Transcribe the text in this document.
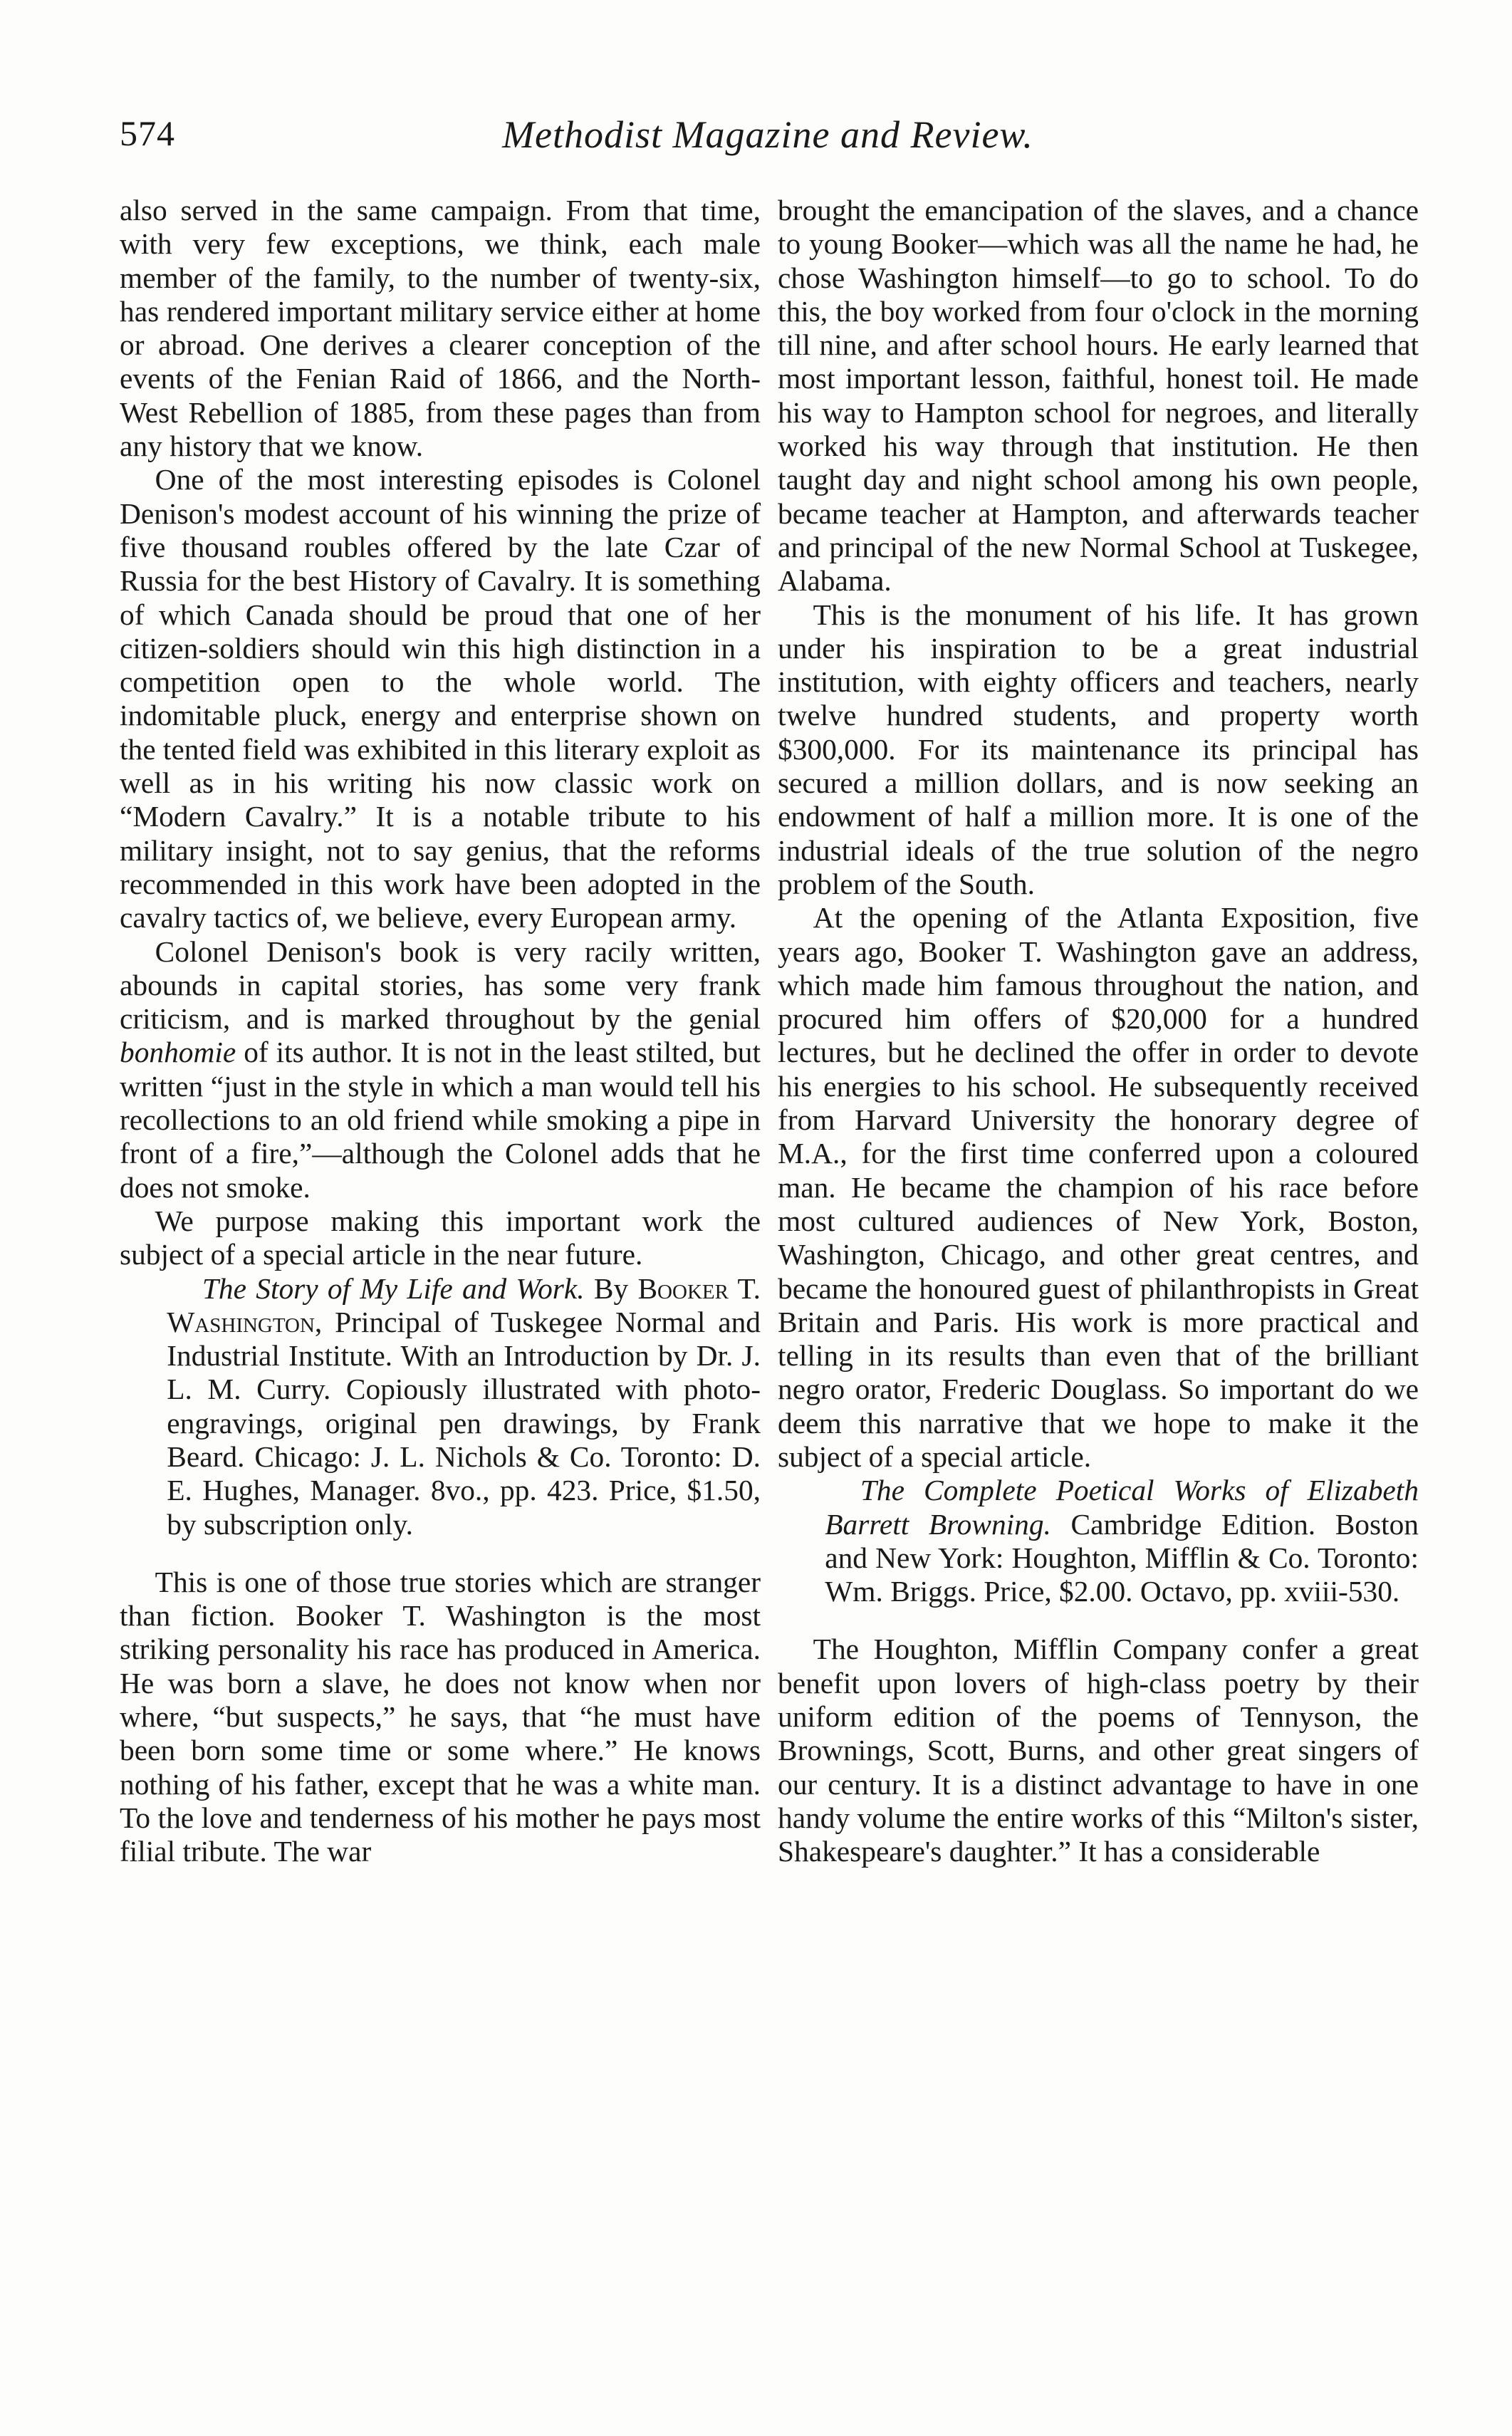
574	Methodist Magazine and Review.

also served in the same campaign. From that time, with very few exceptions, we think, each male member of the family, to the number of twenty-six, has rendered important military service either at home or abroad. One derives a clearer conception of the events of the Fenian Raid of 1866, and the North-West Rebellion of 1885, from these pages than from any history that we know.

One of the most interesting episodes is Colonel Denison's modest account of his winning the prize of five thousand roubles offered by the late Czar of Russia for the best History of Cavalry. It is something of which Canada should be proud that one of her citizen-soldiers should win this high distinction in a competition open to the whole world. The indomitable pluck, energy and enterprise shown on the tented field was exhibited in this literary exploit as well as in his writing his now classic work on “Modern Cavalry.” It is a notable tribute to his military insight, not to say genius, that the reforms recommended in this work have been adopted in the cavalry tactics of, we believe, every European army.

Colonel Denison's book is very racily written, abounds in capital stories, has some very frank criticism, and is marked throughout by the genial bonhomie of its author. It is not in the least stilted, but written “just in the style in which a man would tell his recollections to an old friend while smoking a pipe in front of a fire,”—although the Colonel adds that he does not smoke.

We purpose making this important work the subject of a special article in the near future.

The Story of My Life and Work. By Booker T. Washington, Principal of Tuskegee Normal and Industrial Institute. With an Introduction by Dr. J. L. M. Curry. Copiously illustrated with photo-engravings, original pen drawings, by Frank Beard. Chicago: J. L. Nichols & Co. Toronto: D. E. Hughes, Manager. 8vo., pp. 423. Price, $1.50, by subscription only.

This is one of those true stories which are stranger than fiction. Booker T. Washington is the most striking personality his race has produced in America. He was born a slave, he does not know when nor where, “but suspects,” he says, that “he must have been born some time or some where.” He knows nothing of his father, except that he was a white man. To the love and tenderness of his mother he pays most filial tribute. The war

brought the emancipation of the slaves, and a chance to young Booker—which was all the name he had, he chose Washington himself—to go to school. To do this, the boy worked from four o'clock in the morning till nine, and after school hours. He early learned that most important lesson, faithful, honest toil. He made his way to Hampton school for negroes, and literally worked his way through that institution. He then taught day and night school among his own people, became teacher at Hampton, and afterwards teacher and principal of the new Normal School at Tuskegee, Alabama.

This is the monument of his life. It has grown under his inspiration to be a great industrial institution, with eighty officers and teachers, nearly twelve hundred students, and property worth $300,000. For its maintenance its principal has secured a million dollars, and is now seeking an endowment of half a million more. It is one of the industrial ideals of the true solution of the negro problem of the South.

At the opening of the Atlanta Exposition, five years ago, Booker T. Washington gave an address, which made him famous throughout the nation, and procured him offers of $20,000 for a hundred lectures, but he declined the offer in order to devote his energies to his school. He subsequently received from Harvard University the honorary degree of M.A., for the first time conferred upon a coloured man. He became the champion of his race before most cultured audiences of New York, Boston, Washington, Chicago, and other great centres, and became the honoured guest of philanthropists in Great Britain and Paris. His work is more practical and telling in its results than even that of the brilliant negro orator, Frederic Douglass. So important do we deem this narrative that we hope to make it the subject of a special article.

The Complete Poetical Works of Elizabeth Barrett Browning. Cambridge Edition. Boston and New York: Houghton, Mifflin & Co. Toronto: Wm. Briggs. Price, $2.00. Octavo, pp. xviii-530.

The Houghton, Mifflin Company confer a great benefit upon lovers of high-class poetry by their uniform edition of the poems of Tennyson, the Brownings, Scott, Burns, and other great singers of our century. It is a distinct advantage to have in one handy volume the entire works of this “Milton's sister, Shakespeare's daughter.” It has a considerable
